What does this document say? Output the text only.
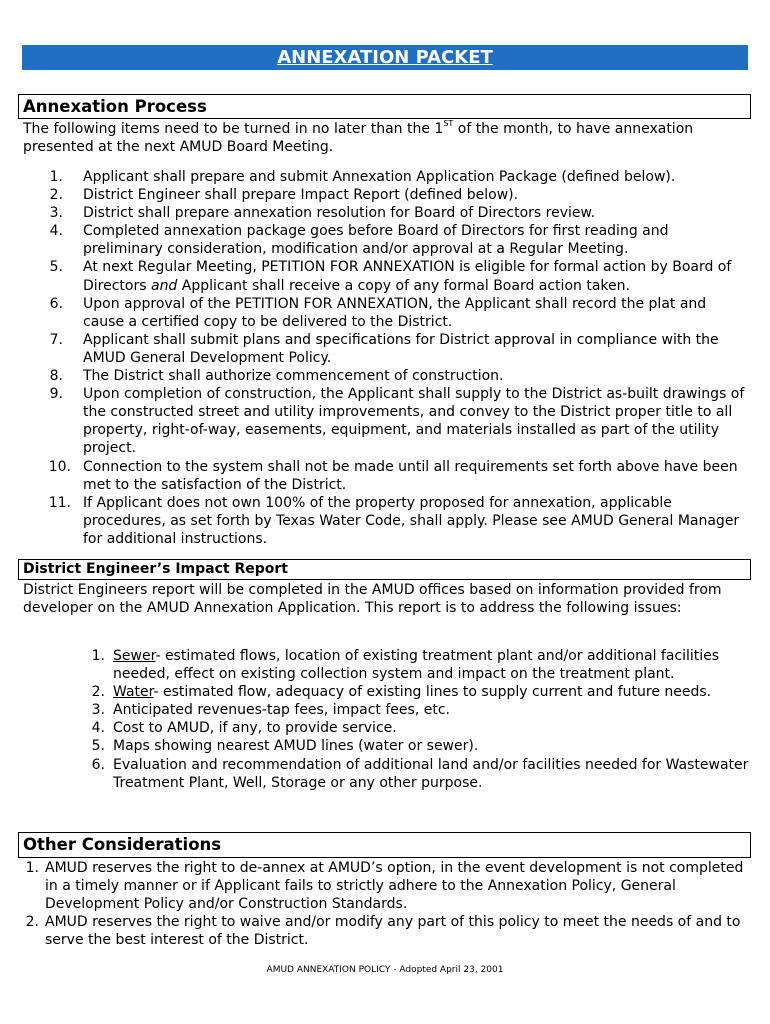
ANNEXATION PACKET
Annexation Process
The following items need to be turned in no later than the 1ST of the month, to have annexation presented at the next AMUD Board Meeting.
1. Applicant shall prepare and submit Annexation Application Package (defined below).
2. District Engineer shall prepare Impact Report (defined below).
3. District shall prepare annexation resolution for Board of Directors review.
4. Completed annexation package goes before Board of Directors for first reading and preliminary consideration, modification and/or approval at a Regular Meeting.
5. At next Regular Meeting, PETITION FOR ANNEXATION is eligible for formal action by Board of Directors and Applicant shall receive a copy of any formal Board action taken.
6. Upon approval of the PETITION FOR ANNEXATION, the Applicant shall record the plat and cause a certified copy to be delivered to the District.
7. Applicant shall submit plans and specifications for District approval in compliance with the AMUD General Development Policy.
8. The District shall authorize commencement of construction.
9. Upon completion of construction, the Applicant shall supply to the District as-built drawings of the constructed street and utility improvements, and convey to the District proper title to all property, right-of-way, easements, equipment, and materials installed as part of the utility project.
10. Connection to the system shall not be made until all requirements set forth above have been met to the satisfaction of the District.
11. If Applicant does not own 100% of the property proposed for annexation, applicable procedures, as set forth by Texas Water Code, shall apply. Please see AMUD General Manager for additional instructions.
District Engineer’s Impact Report
District Engineers report will be completed in the AMUD offices based on information provided from developer on the AMUD Annexation Application. This report is to address the following issues:
1. Sewer- estimated flows, location of existing treatment plant and/or additional facilities needed, effect on existing collection system and impact on the treatment plant.
2. Water- estimated flow, adequacy of existing lines to supply current and future needs.
3. Anticipated revenues-tap fees, impact fees, etc.
4. Cost to AMUD, if any, to provide service.
5. Maps showing nearest AMUD lines (water or sewer).
6. Evaluation and recommendation of additional land and/or facilities needed for Wastewater Treatment Plant, Well, Storage or any other purpose.
Other Considerations
1. AMUD reserves the right to de-annex at AMUD’s option, in the event development is not completed in a timely manner or if Applicant fails to strictly adhere to the Annexation Policy, General Development Policy and/or Construction Standards.
2. AMUD reserves the right to waive and/or modify any part of this policy to meet the needs of and to serve the best interest of the District.
AMUD ANNEXATION POLICY - Adopted April 23, 2001
